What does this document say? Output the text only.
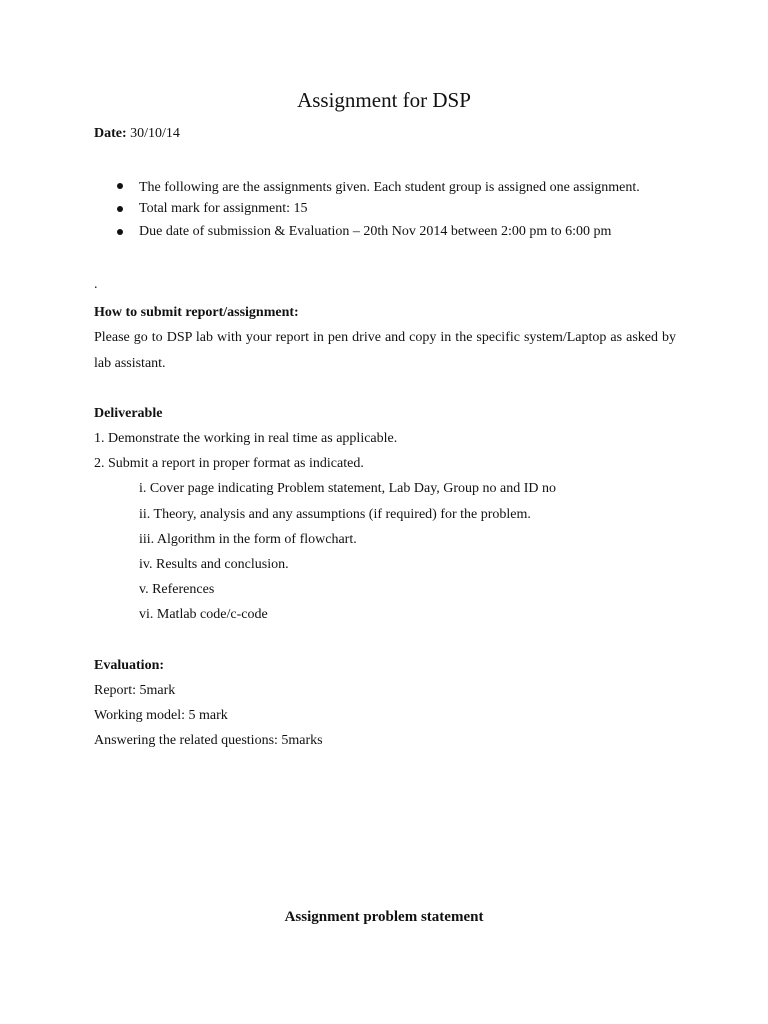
Assignment for DSP
Date: 30/10/14
The following are the assignments given. Each student group is assigned one assignment.
Total mark for assignment: 15
Due date of submission & Evaluation – 20th Nov 2014 between 2:00 pm to 6:00 pm
.
How to submit report/assignment:
Please go to DSP lab with your report in pen drive and copy in the specific system/Laptop as asked by lab assistant.
Deliverable
1. Demonstrate the working in real time as applicable.
2. Submit a report in proper format as indicated.
i. Cover page indicating Problem statement, Lab Day, Group no and ID no
ii. Theory, analysis and any assumptions (if required) for the problem.
iii. Algorithm in the form of flowchart.
iv. Results and conclusion.
v. References
vi. Matlab code/c-code
Evaluation:
Report: 5mark
Working model: 5 mark
Answering the related questions: 5marks
Assignment problem statement
